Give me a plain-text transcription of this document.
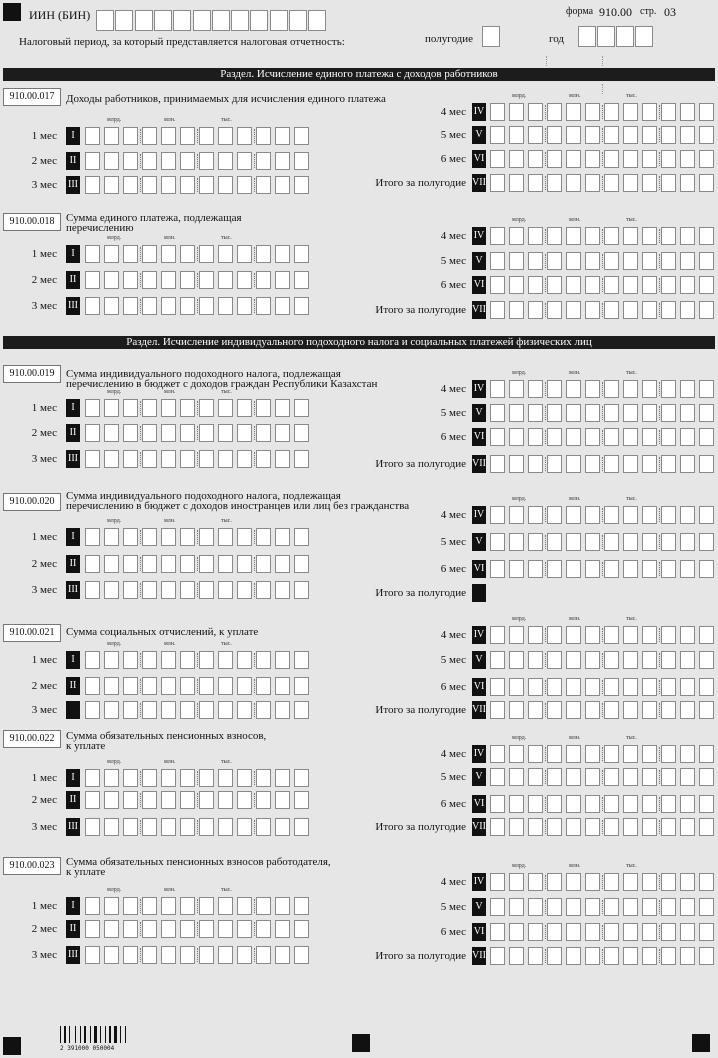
ИИН (БИН)	форма 910.00 стр. 03
Налоговый период, за который представляется налоговая отчетность:	полугодие	год
Раздел. Исчисление единого платежа с доходов работников
Раздел. Исчисление индивидуального подоходного налога и социальных платежей физических лиц
910.00.017	Доходы работников, принимаемых для исчисления единого платежа
млрд.	млн.	тыс.
млрд.	млн.	тыс.
1 мес	I
2 мес	II
3 мес III
4 мес IV
5 мес V
6 мес VI
Итого за полугодие VII
910.00.018	Сумма единого платежа, подлежащая
перечислению
млрд.	млн.	тыс.
млрд.	млн.	тыс.
1 мес	I
2 мес	II
3 мес III
4 мес IV
5 мес V
6 мес VI
Итого за полугодие VII
910.00.019	Сумма индивидуального подоходного налога, подлежащая
перечислению в бюджет с доходов граждан Республики Казахстан
млрд.	млн.	тыс.
млрд.	млн.	тыс.
1 мес	I
2 мес	II
3 мес III
4 мес IV
5 мес V
6 мес VI
Итого за полугодие VII
910.00.020	Сумма индивидуального подоходного налога, подлежащая
перечислению в бюджет с доходов иностранцев или лиц без гражданства
млрд.	млн.	тыс.
млрд.	млн.	тыс.
1 мес	I
2 мес	II
3 мес III
4 мес IV
5 мес V
6 мес VI
Итого за полугодие
910.00.021	Сумма социальных отчислений, к уплате
млрд.	млн.	тыс.
млрд.	млн.	тыс.
1 мес	I
2 мес	II
3 мес
4 мес IV
5 мес V
6 мес VI
Итого за полугодие VII
910.00.022	Сумма обязательных пенсионных взносов,
к уплате
млрд.	млн.	тыс.
млрд.	млн.	тыс.
1 мес	I
2 мес	II
3 мес III
4 мес IV
5 мес V
6 мес VI
Итого за полугодие VII
910.00.023	Сумма обязательных пенсионных взносов работодателя,
к уплате
млрд.	млн.	тыс.
млрд.	млн.	тыс.
1 мес	I
2 мес	II
3 мес III
4 мес IV
5 мес V
6 мес VI
Итого за полугодие VII
2 391000 050004
